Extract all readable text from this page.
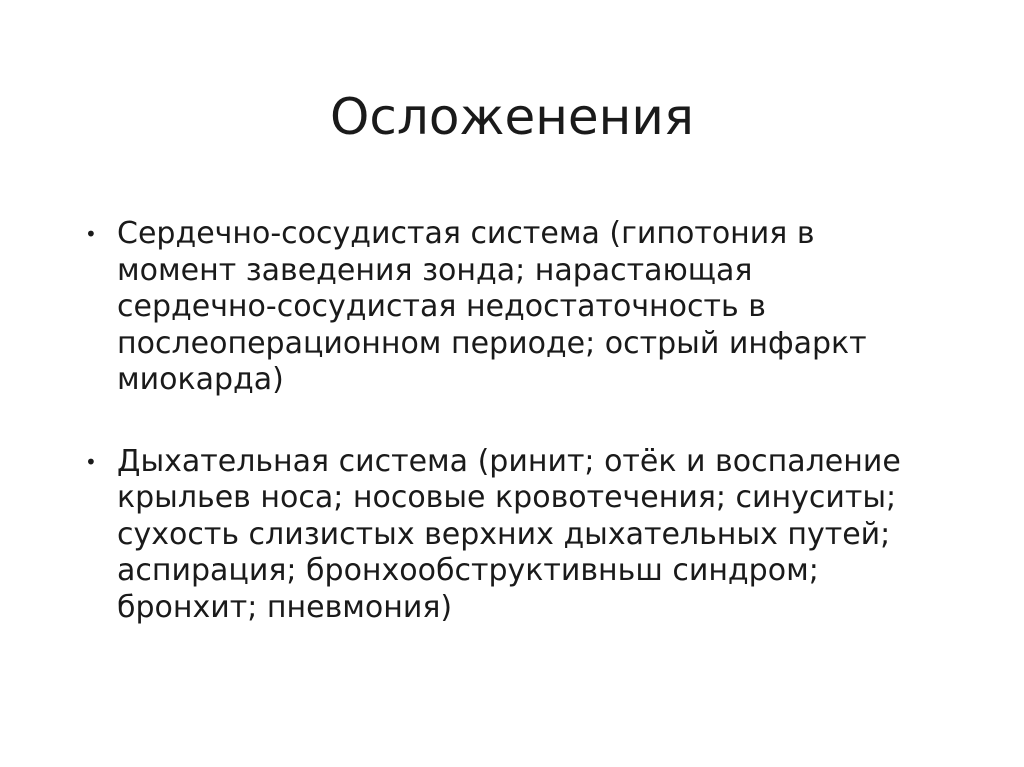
Осложенения
• Сердечно-сосудистая система (гипотония в
момент заведения зонда; нарастающая
сердечно-сосудистая недостаточность в
послеоперационном периоде; острый инфаркт
миокарда)
• Дыхательная система (ринит; отёк и воспаление
крыльев носа; носовые кровотечения; синуситы;
сухость слизистых верхних дыхательных путей;
аспирация; бронхообструктивньш синдром;
бронхит; пневмония)
